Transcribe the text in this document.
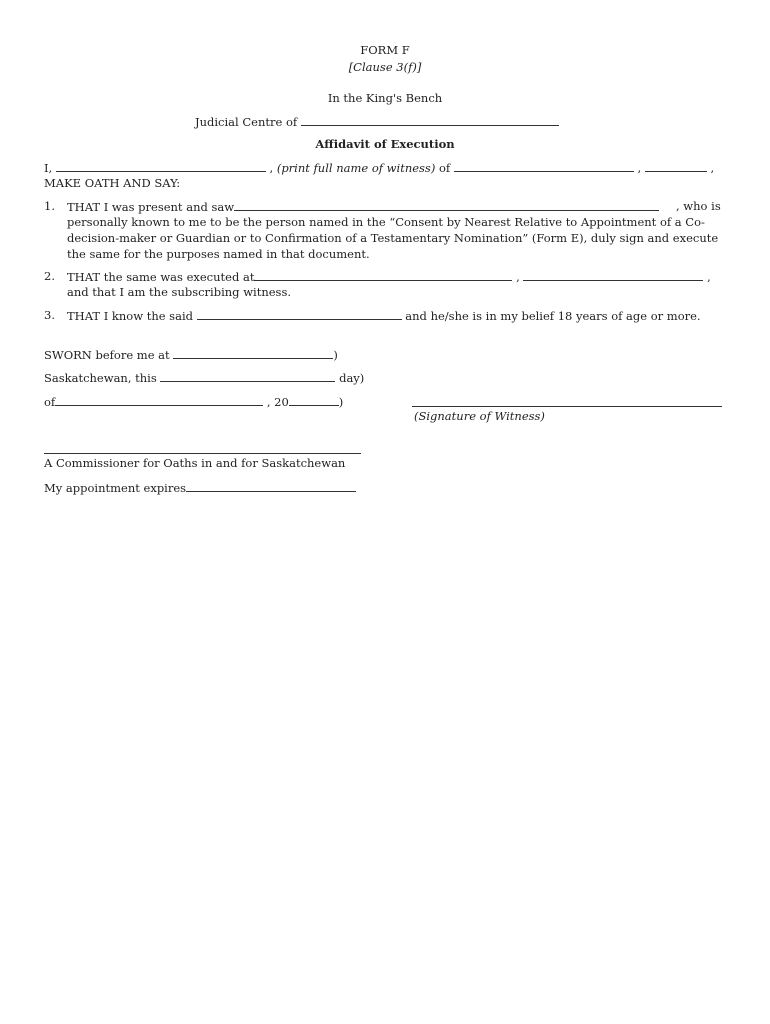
FORM F
[Clause 3(f)]
In the King's Bench
Judicial Centre of
Affidavit of Execution
I,	, (print full name of witness) of	,	,
MAKE OATH AND SAY:
1. THAT I was present and saw	, who is
personally known to me to be the person named in the “Consent by Nearest Relative to Appointment of a Co-
decision-maker or Guardian or to Confirmation of a Testamentary Nomination” (Form E), duly sign and execute
the same for the purposes named in that document.
2. THAT the same was executed at	,	,
and that I am the subscribing witness.
3. THAT I know the said	and he/she is in my belief 18 years of age or more.
SWORN before me at	)
Saskatchewan, this	day)
of	, 20	)
(Signature of Witness)
A Commissioner for Oaths in and for Saskatchewan
My appointment expires
